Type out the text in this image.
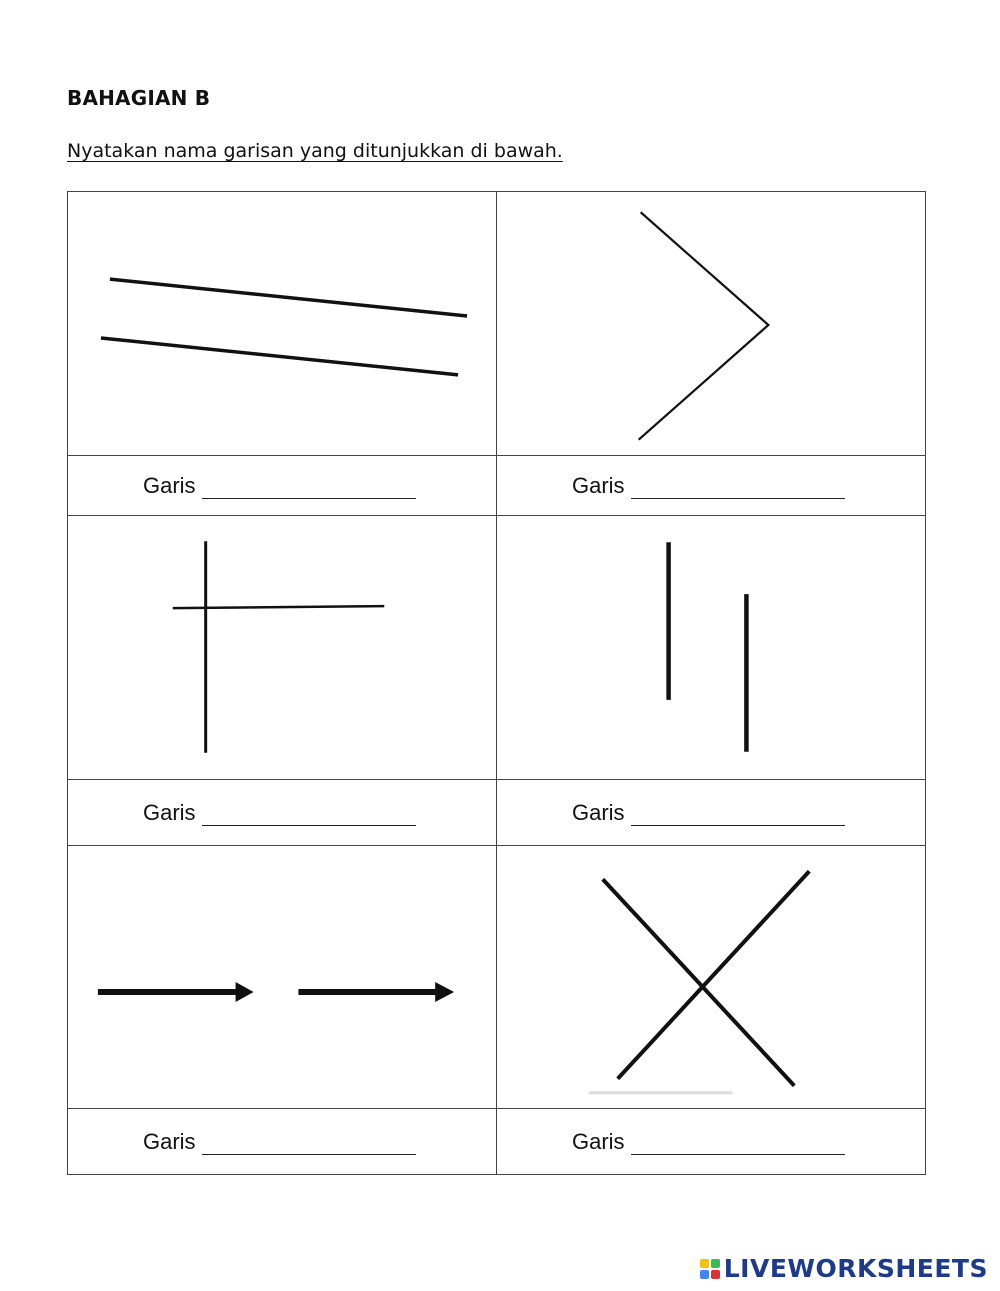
BAHAGIAN B
Nyatakan nama garisan yang ditunjukkan di bawah.

Garis	Garis

Garis	Garis

Garis	Garis
LIVEWORKSHEETS
